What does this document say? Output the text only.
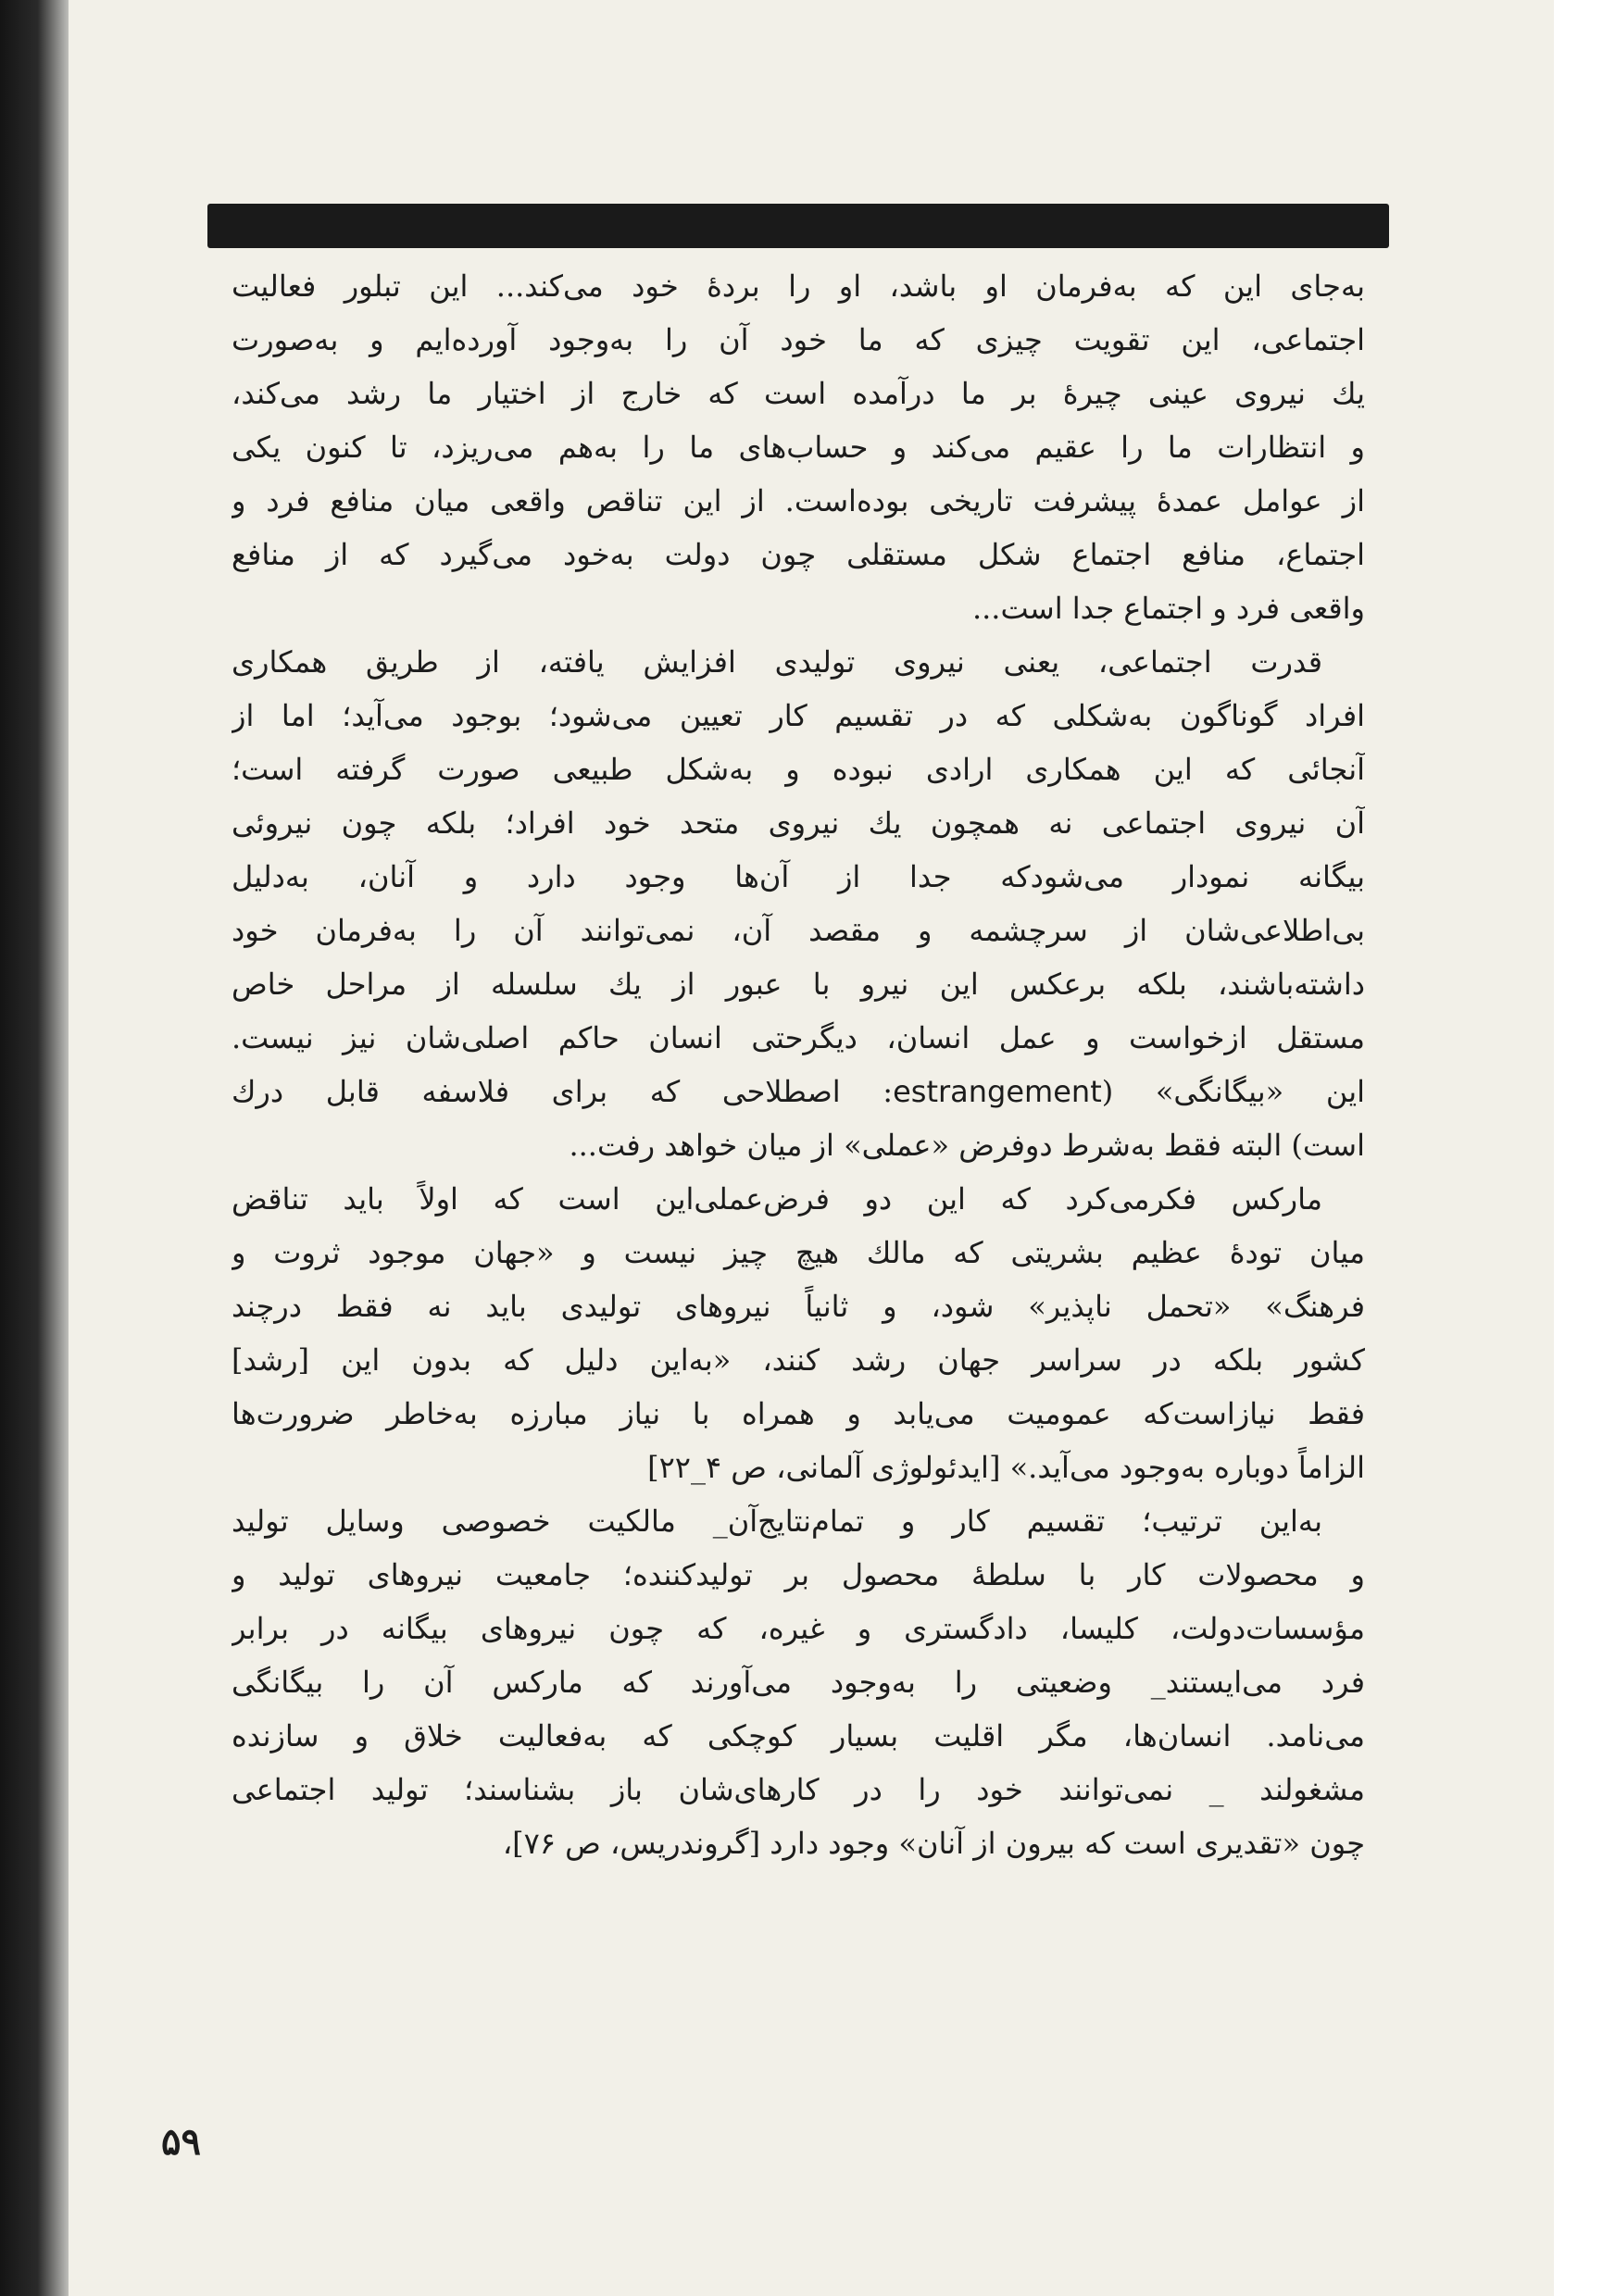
به‌جای این که به‌فرمان او باشد، او را بردهٔ خود می‌کند... این تبلور فعالیت
اجتماعی، این تقویت چیزی که ما خود آن را به‌وجود آورده‌ایم و به‌صورت
یك نیروی عینی چیرهٔ بر ما درآمده است که خارج از اختیار ما رشد می‌کند،
و انتظارات ما را عقیم می‌کند و حساب‌های ما را به‌هم می‌ریزد، تا کنون یکی
از عوامل عمدهٔ پیشرفت تاریخی بوده‌است. از این تناقص واقعی میان منافع فرد و
اجتماع، منافع اجتماع شکل مستقلی چون دولت به‌خود می‌گیرد که از منافع
واقعی فرد و اجتماع جدا است...
قدرت اجتماعی، یعنی نیروی تولیدی افزایش یافته، از طریق همکاری
افراد گوناگون به‌شکلی که در تقسیم کار تعیین می‌شود؛ بوجود می‌آید؛ اما از
آنجائی که این همکاری ارادی نبوده و به‌شکل طبیعی صورت گرفته است؛
آن نیروی اجتماعی نه همچون یك نیروی متحد خود افراد؛ بلکه چون نیروئی
بیگانه نمودار می‌شودکه جدا از آن‌ها وجود دارد و آنان، به‌دلیل
بی‌اطلاعی‌شان از سرچشمه و مقصد آن، نمی‌توانند آن را به‌فرمان خود
داشته‌باشند، بلکه برعکس این نیرو با عبور از یك سلسله از مراحل خاص
مستقل ازخواست و عمل انسان، دیگرحتی انسان حاکم اصلی‌شان نیز نیست.
این «بیگانگی» (estrangement: اصطلاحی که برای فلاسفه قابل درك
است) البته فقط به‌شرط دوفرض «عملی» از میان خواهد رفت...
مارکس فکرمی‌کرد که این دو فرض‌عملی‌این است که اولاً باید تناقض
میان تودهٔ عظیم بشریتی که مالك هیچ چیز نیست و «جهان موجود ثروت و
فرهنگ» «تحمل ناپذیر» شود، و ثانیاً نیروهای تولیدی باید نه فقط درچند
کشور بلکه در سراسر جهان رشد کنند، «به‌این دلیل که بدون این [رشد]
فقط نیازاست‌که عمومیت می‌یابد و همراه با نیاز مبارزه به‌خاطر ضرورت‌ها
الزاماً دوباره به‌وجود می‌آید.» [ایدئولوژی آلمانی، ص ۴_۲۲]
به‌این ترتیب؛ تقسیم کار و تمام‌نتایج‌آن_ مالکیت خصوصی وسایل تولید
و محصولات کار با سلطهٔ محصول بر تولیدکننده؛ جامعیت نیروهای تولید و
مؤسسات‌دولت، کلیسا، دادگستری و غیره، که چون نیروهای بیگانه در برابر
فرد می‌ایستند_ وضعیتی را به‌وجود می‌آورند که مارکس آن را بیگانگی
می‌نامد. انسان‌ها، مگر اقلیت بسیار کوچکی که به‌فعالیت خلاق و سازنده
مشغولند _ نمی‌توانند خود را در کارهای‌شان باز بشناسند؛ تولید اجتماعی
چون «تقدیری است که بیرون از آنان» وجود دارد [گروندریس، ص ۷۶]،
۵۹
